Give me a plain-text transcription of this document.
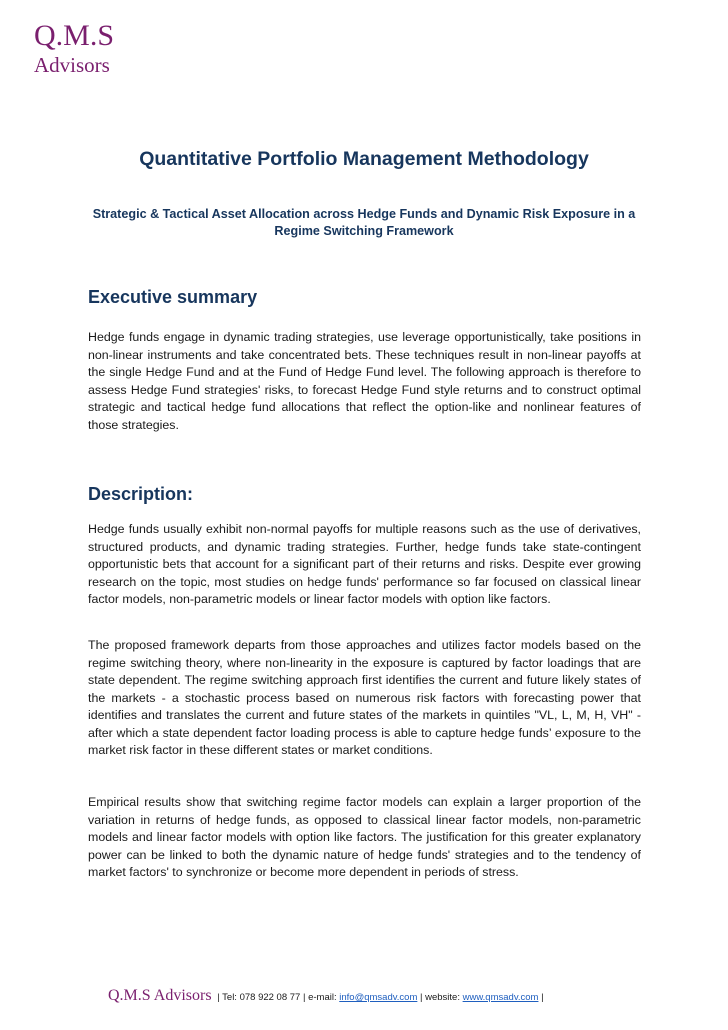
Q.M.S
Advisors
Quantitative Portfolio Management Methodology
Strategic & Tactical Asset Allocation across Hedge Funds and Dynamic Risk Exposure in a Regime Switching Framework
Executive summary
Hedge funds engage in dynamic trading strategies, use leverage opportunistically, take positions in non-linear instruments and take concentrated bets. These techniques result in non-linear payoffs at the single Hedge Fund and at the Fund of Hedge Fund level. The following approach is therefore to assess Hedge Fund strategies' risks, to forecast Hedge Fund style returns and to construct optimal strategic and tactical hedge fund allocations that reflect the option-like and nonlinear features of those strategies.
Description:
Hedge funds usually exhibit non-normal payoffs for multiple reasons such as the use of derivatives, structured products, and dynamic trading strategies. Further, hedge funds take state-contingent opportunistic bets that account for a significant part of their returns and risks. Despite ever growing research on the topic, most studies on hedge funds' performance so far focused on classical linear factor models, non-parametric models or linear factor models with option like factors.
The proposed framework departs from those approaches and utilizes factor models based on the regime switching theory, where non-linearity in the exposure is captured by factor loadings that are state dependent. The regime switching approach first identifies the current and future likely states of the markets - a stochastic process based on numerous risk factors with forecasting power that identifies and translates the current and future states of the markets in quintiles "VL, L, M, H, VH" - after which a state dependent factor loading process is able to capture hedge funds’ exposure to the market risk factor in these different states or market conditions.
Empirical results show that switching regime factor models can explain a larger proportion of the variation in returns of hedge funds, as opposed to classical linear factor models, non-parametric models and linear factor models with option like factors. The justification for this greater explanatory power can be linked to both the dynamic nature of hedge funds' strategies and to the tendency of market factors' to synchronize or become more dependent in periods of stress.
Q.M.S Advisors | Tel: 078 922 08 77 | e-mail: info@qmsadv.com | website: www.qmsadv.com |
